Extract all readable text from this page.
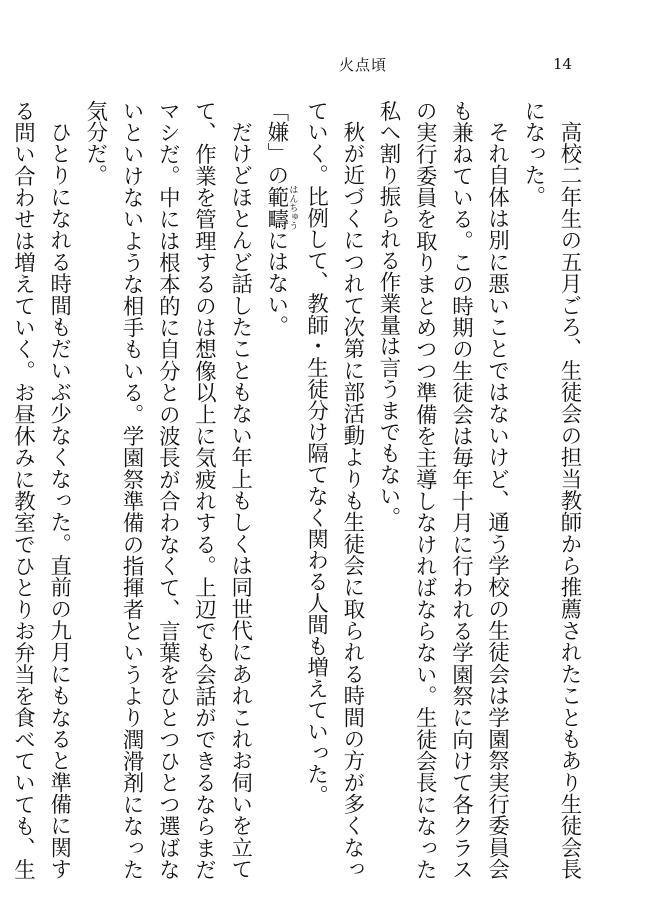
火点頃	14

高校二年生の五月ごろ、生徒会の担当教師から推薦されたこともあり生徒会長になった。

それ自体は別に悪いことではないけど、通う学校の生徒会は学園祭実行委員会も兼ねている。この時期の生徒会は毎年十月に行われる学園祭に向けて各クラスの実行委員を取りまとめつつ準備を主導しなければならない。生徒会長になった私へ割り振られる作業量は言うまでもない。

秋が近づくにつれて次第に部活動よりも生徒会に取られる時間の方が多くなっていく。比例して、教師・生徒分け隔てなく関わる人間も増えていった。

「嫌」の範疇はんちゅうにはない。

だけどほとんど話したこともない年上もしくは同世代にあれこれお伺いを立てて、作業を管理するのは想像以上に気疲れする。上辺でも会話ができるならまだマシだ。中には根本的に自分との波長が合わなくて、言葉をひとつひとつ選ばないといけないような相手もいる。学園祭準備の指揮者というより潤滑剤になった気分だ。

ひとりになれる時間もだいぶ少なくなった。直前の九月にもなると準備に関する問い合わせは増えていく。お昼休みに教室でひとりお弁当を食べていても、生
